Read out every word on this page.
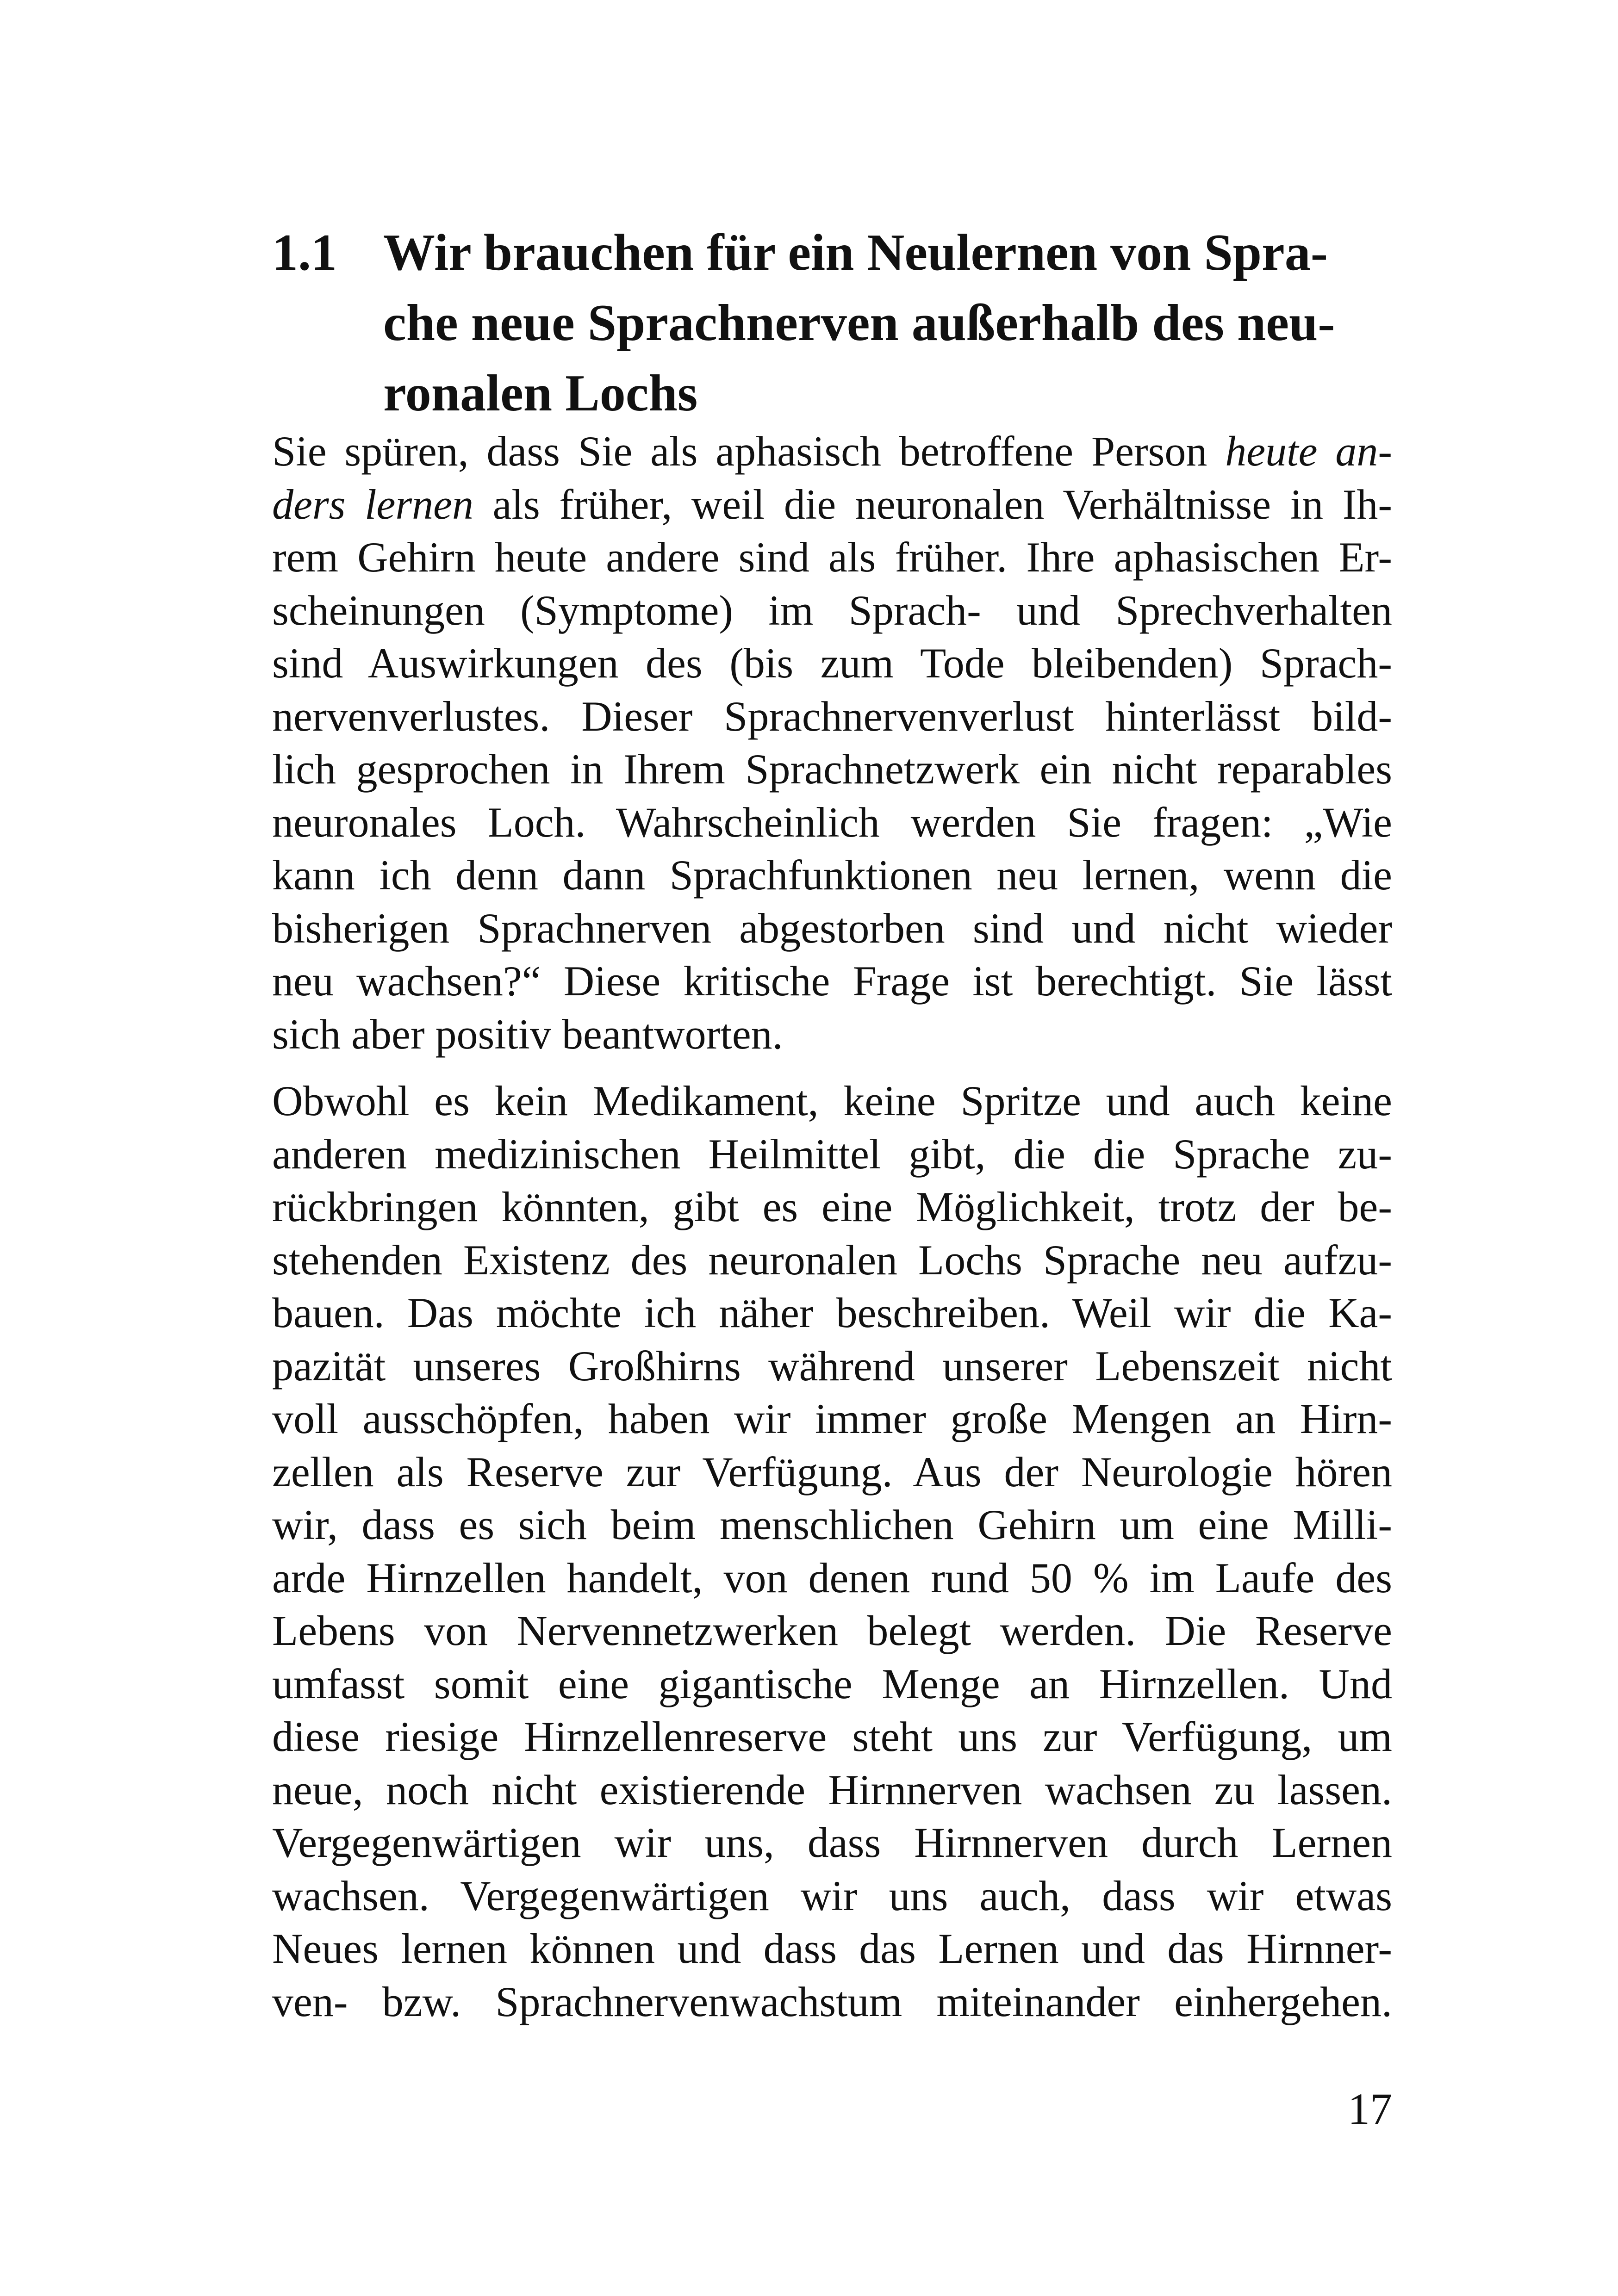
1.1 Wir brauchen für ein Neulernen von Spra-
che neue Sprachnerven außerhalb des neu-
ronalen Lochs
Sie spüren, dass Sie als aphasisch betroffene Person heute an-
ders lernen als früher, weil die neuronalen Verhältnisse in Ih-
rem Gehirn heute andere sind als früher. Ihre aphasischen Er-
scheinungen (Symptome) im Sprach- und Sprechverhalten
sind Auswirkungen des (bis zum Tode bleibenden) Sprach-
nervenverlustes. Dieser Sprachnervenverlust hinterlässt bild-
lich gesprochen in Ihrem Sprachnetzwerk ein nicht reparables
neuronales Loch. Wahrscheinlich werden Sie fragen: „Wie
kann ich denn dann Sprachfunktionen neu lernen, wenn die
bisherigen Sprachnerven abgestorben sind und nicht wieder
neu wachsen?“ Diese kritische Frage ist berechtigt. Sie lässt
sich aber positiv beantworten.
Obwohl es kein Medikament, keine Spritze und auch keine
anderen medizinischen Heilmittel gibt, die die Sprache zu-
rückbringen könnten, gibt es eine Möglichkeit, trotz der be-
stehenden Existenz des neuronalen Lochs Sprache neu aufzu-
bauen. Das möchte ich näher beschreiben. Weil wir die Ka-
pazität unseres Großhirns während unserer Lebenszeit nicht
voll ausschöpfen, haben wir immer große Mengen an Hirn-
zellen als Reserve zur Verfügung. Aus der Neurologie hören
wir, dass es sich beim menschlichen Gehirn um eine Milli-
arde Hirnzellen handelt, von denen rund 50 % im Laufe des
Lebens von Nervennetzwerken belegt werden. Die Reserve
umfasst somit eine gigantische Menge an Hirnzellen. Und
diese riesige Hirnzellenreserve steht uns zur Verfügung, um
neue, noch nicht existierende Hirnnerven wachsen zu lassen.
Vergegenwärtigen wir uns, dass Hirnnerven durch Lernen
wachsen. Vergegenwärtigen wir uns auch, dass wir etwas
Neues lernen können und dass das Lernen und das Hirnner-
ven- bzw. Sprachnervenwachstum miteinander einhergehen.
17
